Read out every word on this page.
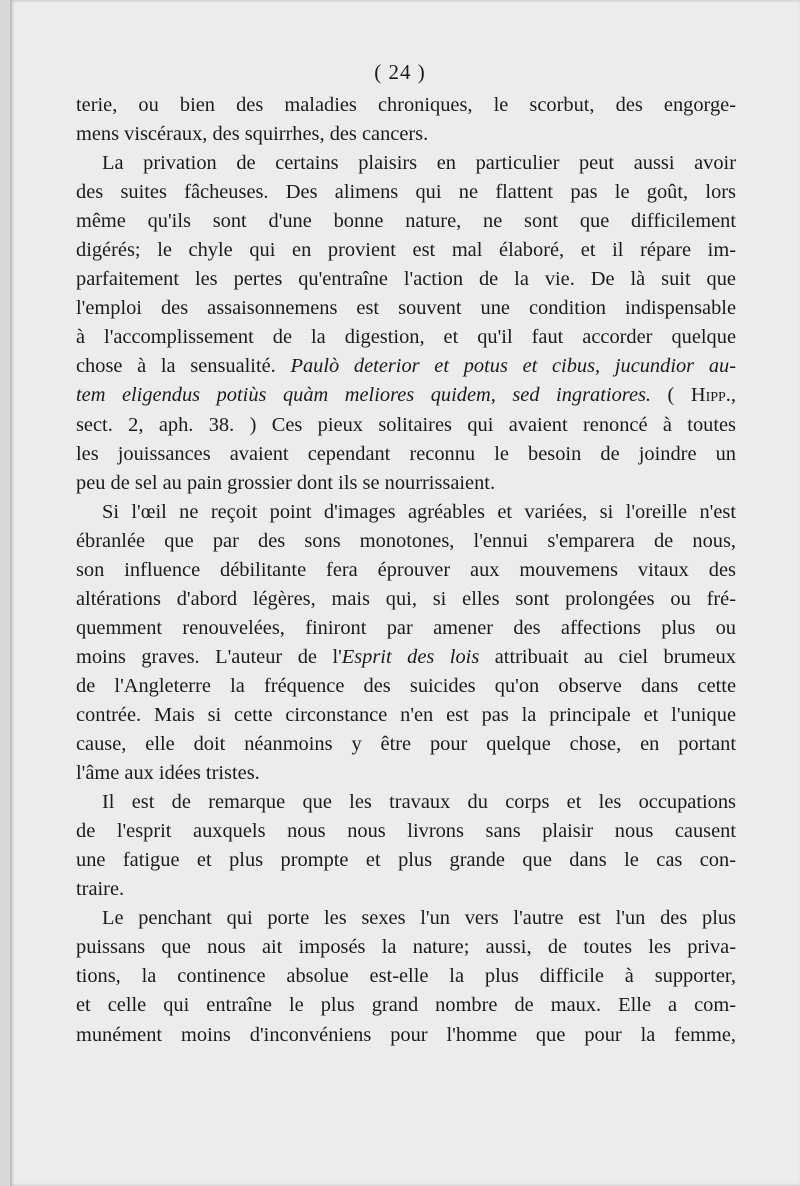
( 24 )
terie, ou bien des maladies chroniques, le scorbut, des engorge-
mens viscéraux, des squirrhes, des cancers.
La privation de certains plaisirs en particulier peut aussi avoir
des suites fâcheuses. Des alimens qui ne flattent pas le goût, lors
même qu'ils sont d'une bonne nature, ne sont que difficilement
digérés; le chyle qui en provient est mal élaboré, et il répare im-
parfaitement les pertes qu'entraîne l'action de la vie. De là suit que
l'emploi des assaisonnemens est souvent une condition indispensable
à l'accomplissement de la digestion, et qu'il faut accorder quelque
chose à la sensualité. Paulò deterior et potus et cibus, jucundior au-
tem eligendus potiùs quàm meliores quidem, sed ingratiores. ( Hipp.,
sect. 2, aph. 38. ) Ces pieux solitaires qui avaient renoncé à toutes
les jouissances avaient cependant reconnu le besoin de joindre un
peu de sel au pain grossier dont ils se nourrissaient.
Si l'œil ne reçoit point d'images agréables et variées, si l'oreille n'est
ébranlée que par des sons monotones, l'ennui s'emparera de nous,
son influence débilitante fera éprouver aux mouvemens vitaux des
altérations d'abord légères, mais qui, si elles sont prolongées ou fré-
quemment renouvelées, finiront par amener des affections plus ou
moins graves. L'auteur de l'Esprit des lois attribuait au ciel brumeux
de l'Angleterre la fréquence des suicides qu'on observe dans cette
contrée. Mais si cette circonstance n'en est pas la principale et l'unique
cause, elle doit néanmoins y être pour quelque chose, en portant
l'âme aux idées tristes.
Il est de remarque que les travaux du corps et les occupations
de l'esprit auxquels nous nous livrons sans plaisir nous causent
une fatigue et plus prompte et plus grande que dans le cas con-
traire.
Le penchant qui porte les sexes l'un vers l'autre est l'un des plus
puissans que nous ait imposés la nature; aussi, de toutes les priva-
tions, la continence absolue est-elle la plus difficile à supporter,
et celle qui entraîne le plus grand nombre de maux. Elle a com-
munément moins d'inconvéniens pour l'homme que pour la femme,
